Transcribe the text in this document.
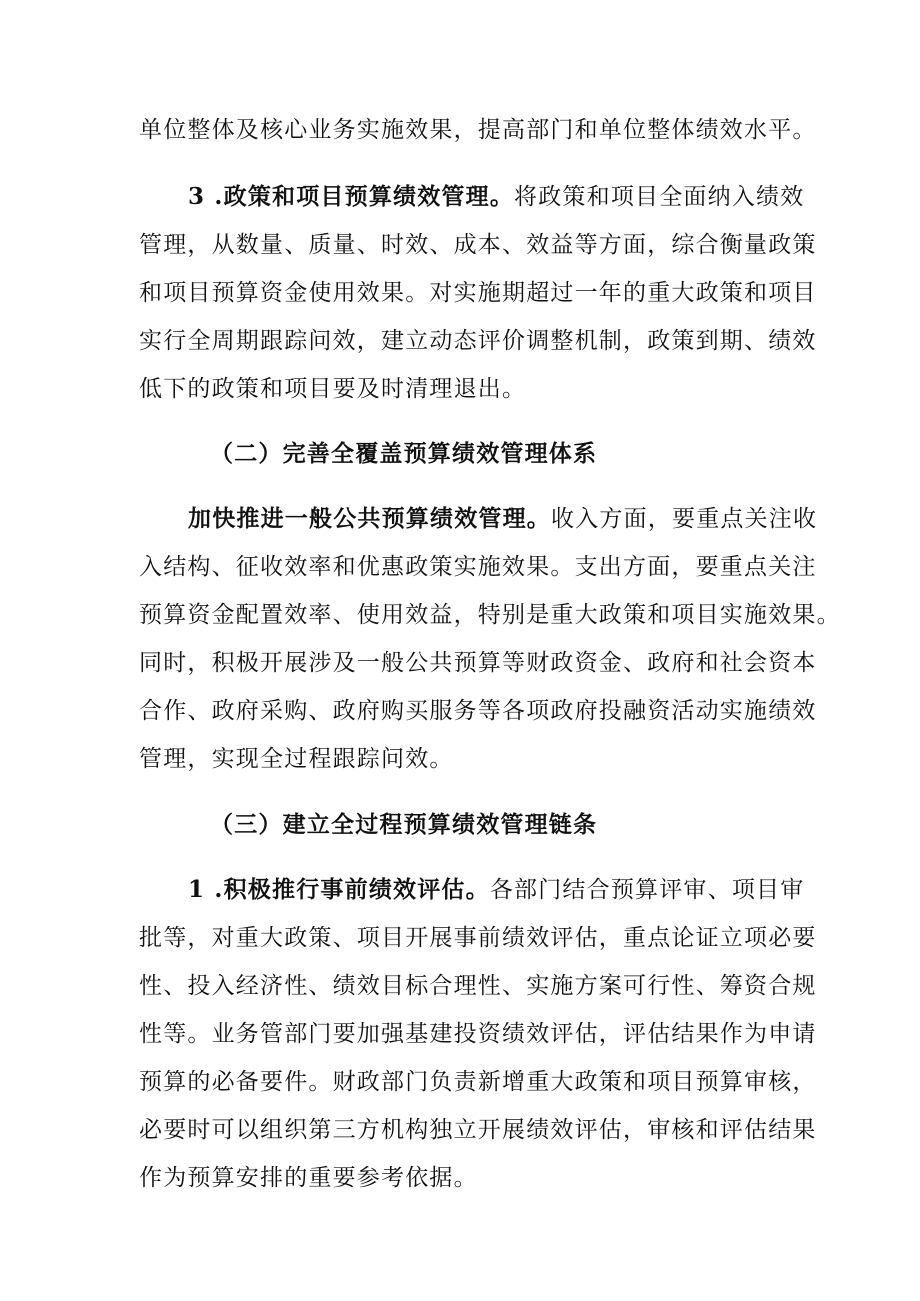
单位整体及核心业务实施效果，提高部门和单位整体绩效水平。
3 .政策和项目预算绩效管理。将政策和项目全面纳入绩效
管理，从数量、质量、时效、成本、效益等方面，综合衡量政策
和项目预算资金使用效果。对实施期超过一年的重大政策和项目
实行全周期跟踪问效，建立动态评价调整机制，政策到期、绩效
低下的政策和项目要及时清理退出。
（二）完善全覆盖预算绩效管理体系
加快推进一般公共预算绩效管理。收入方面，要重点关注收
入结构、征收效率和优惠政策实施效果。支出方面，要重点关注
预算资金配置效率、使用效益，特别是重大政策和项目实施效果。
同时，积极开展涉及一般公共预算等财政资金、政府和社会资本
合作、政府采购、政府购买服务等各项政府投融资活动实施绩效
管理，实现全过程跟踪问效。
（三）建立全过程预算绩效管理链条
1 .积极推行事前绩效评估。各部门结合预算评审、项目审
批等，对重大政策、项目开展事前绩效评估，重点论证立项必要
性、投入经济性、绩效目标合理性、实施方案可行性、筹资合规
性等。业务管部门要加强基建投资绩效评估，评估结果作为申请
预算的必备要件。财政部门负责新增重大政策和项目预算审核，
必要时可以组织第三方机构独立开展绩效评估，审核和评估结果
作为预算安排的重要参考依据。
